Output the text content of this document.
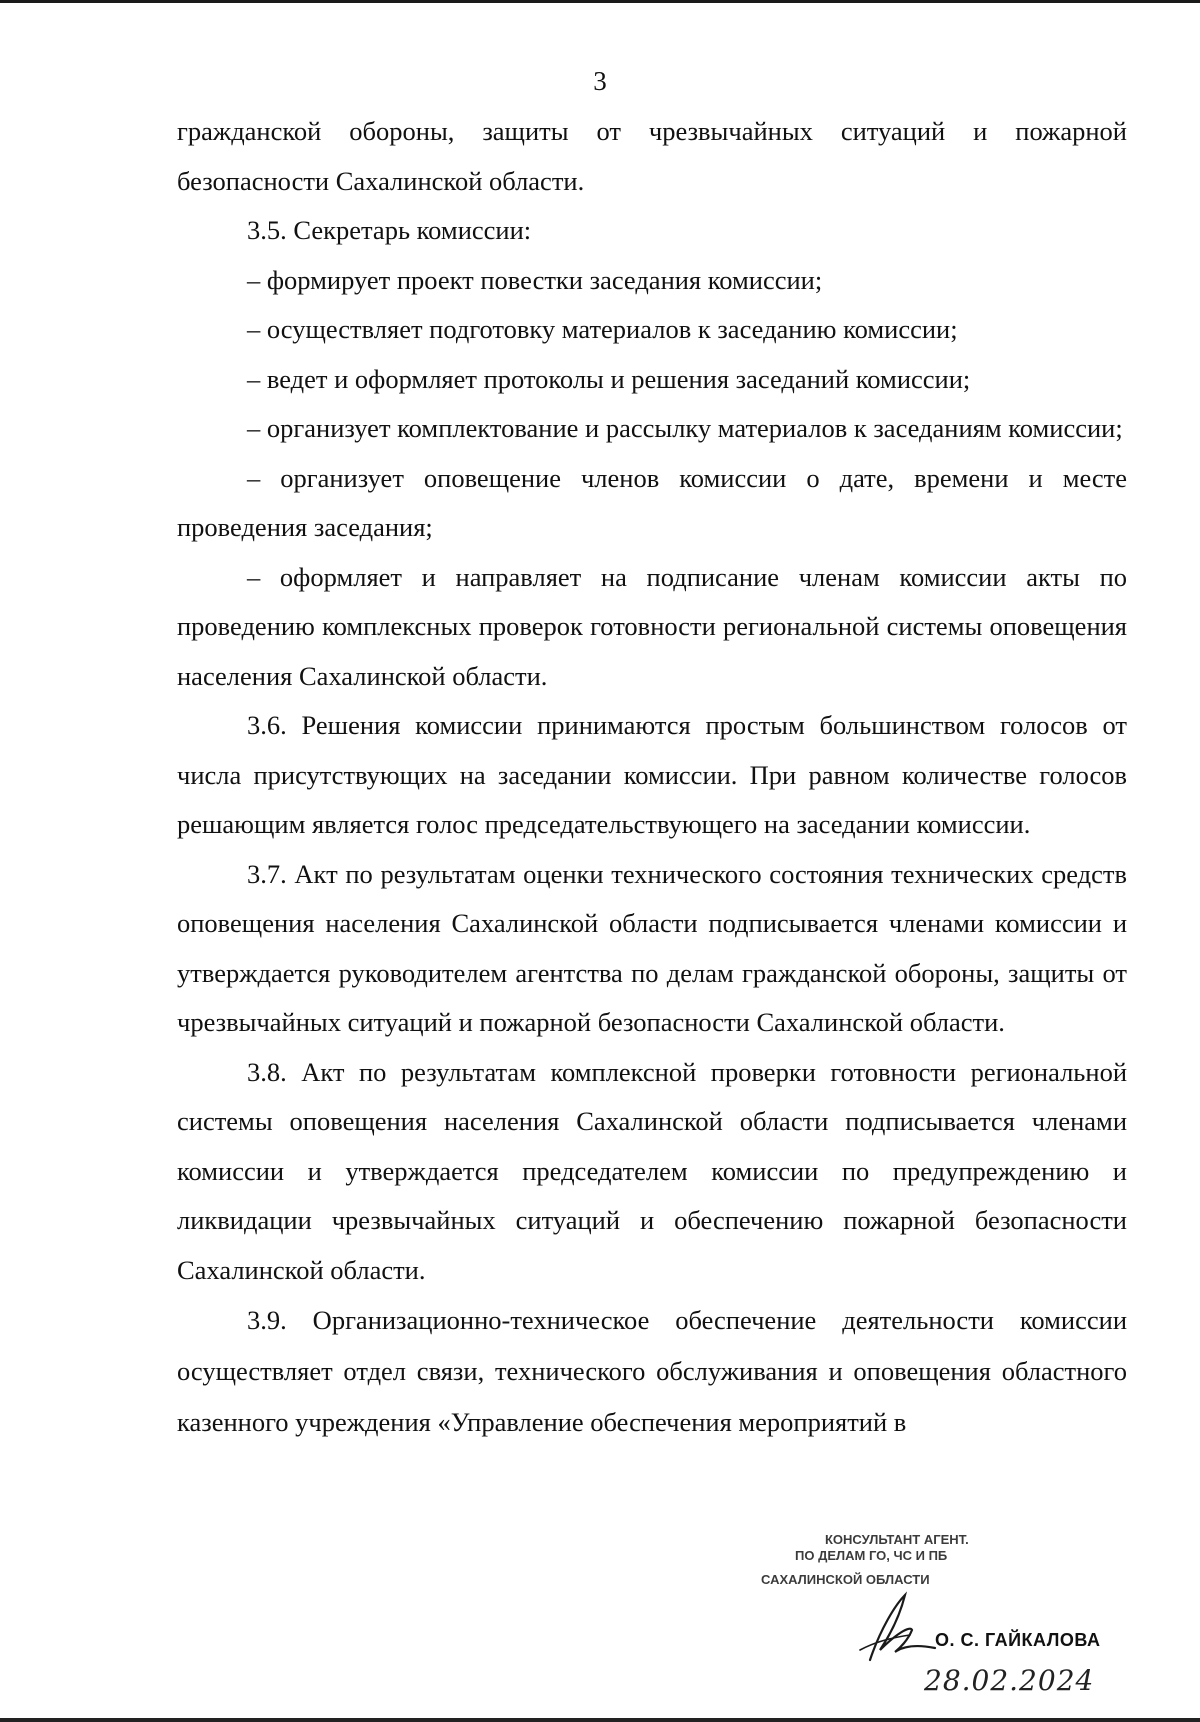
3

гражданской обороны, защиты от чрезвычайных ситуаций и пожарной безопасности Сахалинской области.

3.5. Секретарь комиссии:

– формирует проект повестки заседания комиссии;

– осуществляет подготовку материалов к заседанию комиссии;

– ведет и оформляет протоколы и решения заседаний комиссии;

– организует комплектование и рассылку материалов к заседаниям комиссии;

– организует оповещение членов комиссии о дате, времени и месте проведения заседания;

– оформляет и направляет на подписание членам комиссии акты по проведению комплексных проверок готовности региональной системы оповещения населения Сахалинской области.

3.6. Решения комиссии принимаются простым большинством голосов от числа присутствующих на заседании комиссии. При равном количестве голосов решающим является голос председательствующего на заседании комиссии.

3.7. Акт по результатам оценки технического состояния технических средств оповещения населения Сахалинской области подписывается членами комиссии и утверждается руководителем агентства по делам гражданской обороны, защиты от чрезвычайных ситуаций и пожарной безопасности Сахалинской области.

3.8. Акт по результатам комплексной проверки готовности региональной системы оповещения населения Сахалинской области подписывается членами комиссии и утверждается председателем комиссии по предупреждению и ликвидации чрезвычайных ситуаций и обеспечению пожарной безопасности Сахалинской области.

3.9. Организационно-техническое обеспечение деятельности комиссии осуществляет отдел связи, технического обслуживания и оповещения областного казенного учреждения «Управление обеспечения мероприятий в

КОНСУЛЬТАНТ АГЕНТ.
ПО ДЕЛАМ ГО, ЧС И ПБ
САХАЛИНСКОЙ ОБЛАСТИ
О. С. ГАЙКАЛОВА
28.02.2024
